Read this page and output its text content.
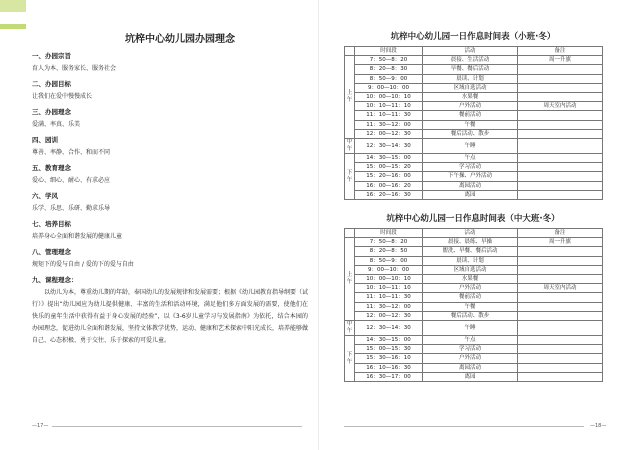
坑梓中心幼儿园办园理念
一、办园宗旨
育人为本、服务家长、服务社会
二、办园目标
让我们在爱中慢慢成长
三、办园理念
爱满、率真、乐美
四、园训
尊善、率静、合作、和而不同
五、教育理念
爱心、细心、耐心、有求必应
六、学风
乐学、乐思、乐研、勤求乐导
七、培养目标
培养身心全面和谐发展的健康儿童
八、管理理念
规矩下的爱与自由 / 爱的下的爱与自由
九、课程理念：
以幼儿为本，尊重幼儿期的年龄，奉国幼儿的发展规律和发展需要；根据《幼儿园教育指导纲要（试行）》提出“幼儿园应为幼儿提供健康、丰富的生活和活动环境，满足他们多方面发展的需要，使他们在快乐的童年生活中获得有益于身心发展的经验”，以《3-6岁儿童学习与发展指南》为依托，结合本园的办园理念，促进幼儿全面和谐发展，坚持文体教学优势，运动、健康和艺术探索中阳光成长，培养能够做自己、心态积极、勇于交往、乐于探索的可爱儿童。
坑梓中心幼儿园一日作息时间表（小班·冬）
	时间段	活动	备注
上午	7：50—8：20	晨接、生活活动	周一升旗
	8：20—8：30	早餐、餐后活动	
	8：50—9：00	晨读、计划	
	9：00—10：00	区域自选活动	
	10：00—10：10	水果餐	
	10：10—11：10	户外活动	周天室内活动
	11：10—11：30	餐前活动	
	11：30—12：00	午餐	
	12：00—12：30	餐后活动、散步	
中午	12：30—14：30	午睡	
下午	14：30—15：00	午点	
	15：00—15：20	学习活动	
	15：20—16：00	下午操、户外活动	
	16：00—16：20	离园活动	
	16：20—16：30	离园	
坑梓中心幼儿园一日作息时间表（中大班·冬）
	时间段	活动	备注
上午	7：50—8：20	晨接、晨练、早操	周一升旗
	8：20—8：50	盥洗、早餐、餐后活动	
	8：50—9：00	晨读、计划	
	9：00—10：00	区域自选活动	
	10：00—10：10	水果餐	
	10：10—11：10	户外活动	周天室内活动
	11：10—11：30	餐前活动	
	11：30—12：00	午餐	
	12：00—12：30	餐后活动、散步	
中午	12：30—14：30	午睡	
下午	14：30—15：00	午点	
	15：00—15：30	学习活动	
	15：30—16：10	户外活动	
	16：10—16：30	离园活动	
	16：30—17：00	离园	
—17—	—18—
